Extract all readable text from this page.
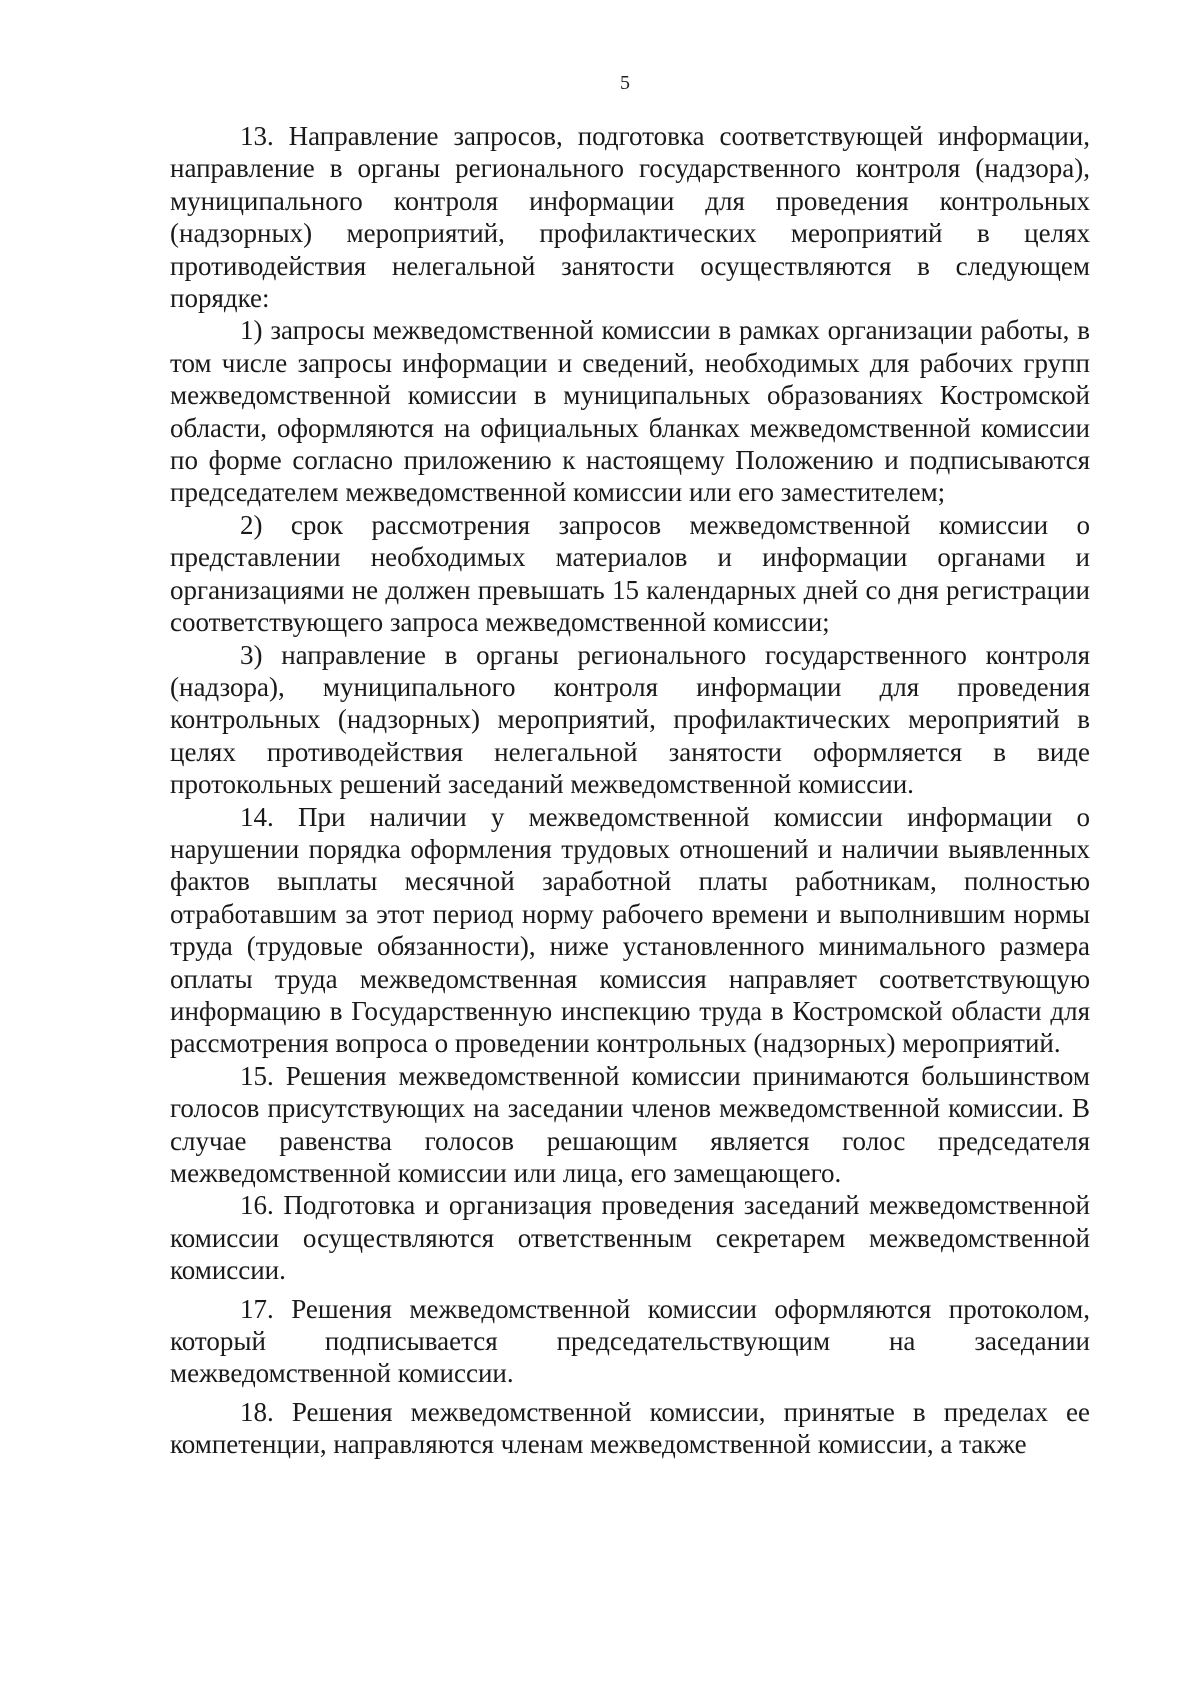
5

13. Направление запросов, подготовка соответствующей информации, направление в органы регионального государственного контроля (надзора), муниципального контроля информации для проведения контрольных (надзорных) мероприятий, профилактических мероприятий в целях противодействия нелегальной занятости осуществляются в следующем порядке:

1) запросы межведомственной комиссии в рамках организации работы, в том числе запросы информации и сведений, необходимых для рабочих групп межведомственной комиссии в муниципальных образованиях Костромской области, оформляются на официальных бланках межведомственной комиссии по форме согласно приложению к настоящему Положению и подписываются председателем межведомственной комиссии или его заместителем;

2) срок рассмотрения запросов межведомственной комиссии о представлении необходимых материалов и информации органами и организациями не должен превышать 15 календарных дней со дня регистрации соответствующего запроса межведомственной комиссии;

3) направление в органы регионального государственного контроля (надзора), муниципального контроля информации для проведения контрольных (надзорных) мероприятий, профилактических мероприятий в целях противодействия нелегальной занятости оформляется в виде протокольных решений заседаний межведомственной комиссии.

14. При наличии у межведомственной комиссии информации о нарушении порядка оформления трудовых отношений и наличии выявленных фактов выплаты месячной заработной платы работникам, полностью отработавшим за этот период норму рабочего времени и выполнившим нормы труда (трудовые обязанности), ниже установленного минимального размера оплаты труда межведомственная комиссия направляет соответствующую информацию в Государственную инспекцию труда в Костромской области для рассмотрения вопроса о проведении контрольных (надзорных) мероприятий.

15. Решения межведомственной комиссии принимаются большинством голосов присутствующих на заседании членов межведомственной комиссии. В случае равенства голосов решающим является голос председателя межведомственной комиссии или лица, его замещающего.

16. Подготовка и организация проведения заседаний межведомственной комиссии осуществляются ответственным секретарем межведомственной комиссии.

17. Решения межведомственной комиссии оформляются протоколом, который подписывается председательствующим на заседании межведомственной комиссии.

18. Решения межведомственной комиссии, принятые в пределах ее компетенции, направляются членам межведомственной комиссии, а также
